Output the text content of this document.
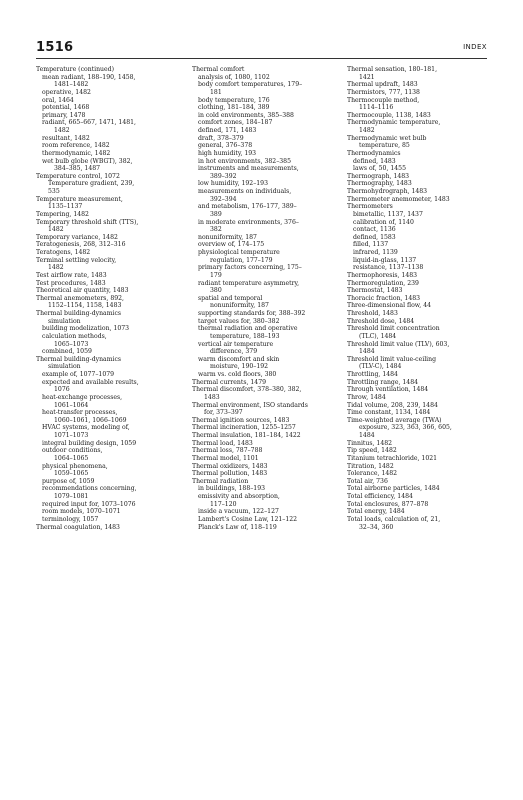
1516	INDEX
Temperature (continued)
mean radiant, 188–190, 1458,
1481–1482
operative, 1482
oral, 1464
potential, 1468
primary, 1478
radiant, 665–667, 1471, 1481,
1482
resultant, 1482
room reference, 1482
thermodynamic, 1482
wet bulb globe (WBGT), 382,
384–385, 1487
Temperature control, 1072
Temperature gradient, 239,
535
Temperature measurement,
1135–1137
Tempering, 1482
Temporary threshold shift (TTS),
1482
Temporary variance, 1482
Teratogenesis, 268, 312–316
Teratogens, 1482
Terminal settling velocity,
1482
Test airflow rate, 1483
Test procedures, 1483
Theoretical air quantity, 1483
Thermal anemometers, 892,
1152–1154, 1158, 1483
Thermal building-dynamics
simulation
building modelization, 1073
calculation methods,
1065–1073
combined, 1059
Thermal building-dynamics
simulation
example of, 1077–1079
expected and available results,
1076
heat-exchange processes,
1061–1064
heat-transfer processes,
1060–1061, 1066–1069
HVAC systems, modeling of,
1071–1073
integral building design, 1059
outdoor conditions,
1064–1065
physical phenomena,
1059–1065
purpose of, 1059
recommendations concerning,
1079–1081
required input for, 1073–1076
room models, 1070–1071
terminology, 1057
Thermal coagulation, 1483
Thermal comfort
analysis of, 1080, 1102
body comfort temperatures, 179–
181
body temperature, 176
clothing, 181–184, 389
in cold environments, 385–388
comfort zones, 184–187
defined, 171, 1483
draft, 378–379
general, 376–378
high humidity, 193
in hot environments, 382–385
instruments and measurements,
389–392
low humidity, 192–193
measurements on individuals,
392–394
and metabolism, 176–177, 389–
389
in moderate environments, 376–
382
nonuniformity, 187
overview of, 174–175
physiological temperature
regulation, 177–179
primary factors concerning, 175–
179
radiant temperature asymmetry,
380
spatial and temporal
nonuniformity, 187
supporting standards for, 388–392
target values for, 380–382
thermal radiation and operative
temperature, 188–193
vertical air temperature
difference, 379
warm discomfort and skin
moisture, 190–192
warm vs. cold floors, 380
Thermal currents, 1479
Thermal discomfort, 378–380, 382,
1483
Thermal environment, ISO standards
for, 373–397
Thermal ignition sources, 1483
Thermal incineration, 1255–1257
Thermal insulation, 181–184, 1422
Thermal load, 1483
Thermal loss, 787–788
Thermal model, 1101
Thermal oxidizers, 1483
Thermal pollution, 1483
Thermal radiation
in buildings, 188–193
emissivity and absorption,
117–120
inside a vacuum, 122–127
Lambert's Cosine Law, 121–122
Planck's Law of, 118–119
Thermal sensation, 180–181,
1421
Thermal updraft, 1483
Thermistors, 777, 1138
Thermocouple method,
1114–1116
Thermocouple, 1138, 1483
Thermodynamic temperature,
1482
Thermodynamic wet bulb
temperature, 85
Thermodynamics
defined, 1483
laws of, 50, 1455
Thermograph, 1483
Thermography, 1483
Thermohydrograph, 1483
Thermometer anemometer, 1483
Thermometers
bimetallic, 1137, 1437
calibration of, 1140
contact, 1136
defined, 1583
filled, 1137
infrared, 1139
liquid-in-glass, 1137
resistance, 1137–1138
Thermophoresis, 1483
Thermoregulation, 239
Thermostat, 1483
Thoracic fraction, 1483
Three-dimensional flow, 44
Threshold, 1483
Threshold dose, 1484
Threshold limit concentration
(TLC), 1484
Threshold limit value (TLV), 603,
1484
Threshold limit value-ceiling
(TLV-C), 1484
Throttling, 1484
Throttling range, 1484
Through ventilation, 1484
Throw, 1484
Tidal volume, 208, 239, 1484
Time constant, 1134, 1484
Time-weighted average (TWA)
exposure, 323, 363, 366, 605,
1484
Tinnitus, 1482
Tip speed, 1482
Titanium tetrachloride, 1021
Titration, 1482
Tolerance, 1482
Total air, 736
Total airborne particles, 1484
Total efficiency, 1484
Total enclosures, 877–878
Total energy, 1484
Total loads, calculation of, 21,
32–34, 360
